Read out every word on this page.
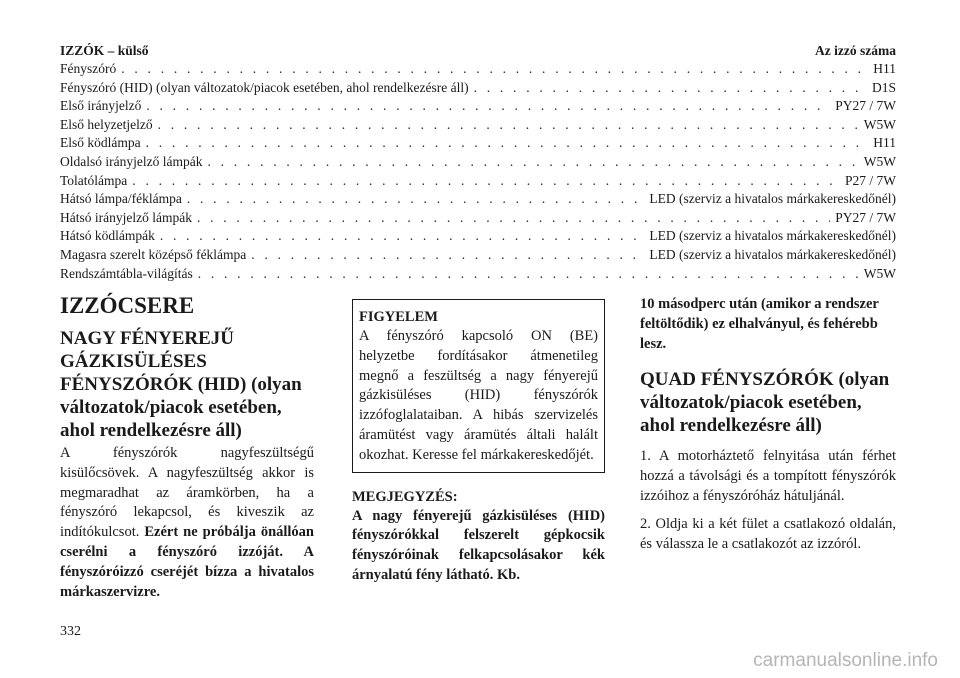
IZZÓK – külső	Az izzó száma
Fényszóró . . .	H11
Fényszóró (HID) (olyan változatok/piacok esetében, ahol rendelkezésre áll) . . .	D1S
Első irányjelző . . .	PY27 / 7W
Első helyzetjelző . . .	W5W
Első ködlámpa . . .	H11
Oldalsó irányjelző lámpák . . .	W5W
Tolatólámpa . . .	P27 / 7W
Hátsó lámpa/féklámpa . . .	LED (szerviz a hivatalos márkakereskedőnél)
Hátsó irányjelző lámpák . . .	PY27 / 7W
Hátsó ködlámpák . . .	LED (szerviz a hivatalos márkakereskedőnél)
Magasra szerelt középső féklámpa . . .	LED (szerviz a hivatalos márkakereskedőnél)
Rendszámtábla-világítás . . .	W5W
IZZÓCSERE
NAGY FÉNYEREJŰ GÁZKISÜLÉSES FÉNYSZÓRÓK (HID) (olyan változatok/piacok esetében, ahol rendelkezésre áll)

A fényszórók nagyfeszültségű kisülőcsövek. A nagyfeszültség akkor is megmaradhat az áramkörben, ha a fényszóró lekapcsol, és kiveszik az indítókulcsot. Ezért ne próbálja önállóan cserélni a fényszóró izzóját. A fényszóróizzó cseréjét bízza a hivatalos márkaszervizre.

FIGYELEM

A fényszóró kapcsoló ON (BE) helyzetbe fordításakor átmenetileg megnő a feszültség a nagy fényerejű gázkisüléses (HID) fényszórók izzófoglalataiban. A hibás szervizelés áramütést vagy áramütés általi halált okozhat. Keresse fel márkakereskedőjét.

MEGJEGYZÉS:

A nagy fényerejű gázkisüléses (HID) fényszórókkal felszerelt gépkocsik fényszóróinak felkapcsolásakor kék árnyalatú fény látható. Kb.

10 másodperc után (amikor a rendszer feltöltődik) ez elhalványul, és fehérebb lesz.

QUAD FÉNYSZÓRÓK (olyan változatok/piacok esetében, ahol rendelkezésre áll)

1. A motorháztető felnyitása után férhet hozzá a távolsági és a tompított fényszórók izzóihoz a fényszóróház hátuljánál.

2. Oldja ki a két fület a csatlakozó oldalán, és válassza le a csatlakozót az izzóról.

332
carmanualsonline.info
